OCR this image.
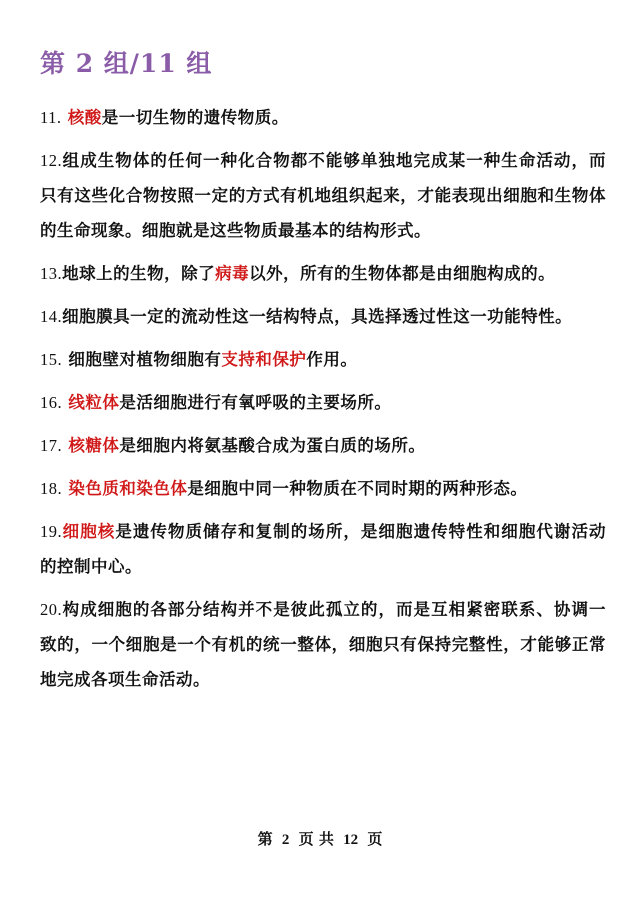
第 2 组/11 组

11. 核酸是一切生物的遗传物质。

12.组成生物体的任何一种化合物都不能够单独地完成某一种生命活动，而只有这些化合物按照一定的方式有机地组织起来，才能表现出细胞和生物体的生命现象。细胞就是这些物质最基本的结构形式。

13.地球上的生物，除了病毒以外，所有的生物体都是由细胞构成的。

14.细胞膜具一定的流动性这一结构特点，具选择透过性这一功能特性。

15. 细胞壁对植物细胞有支持和保护作用。

16. 线粒体是活细胞进行有氧呼吸的主要场所。

17. 核糖体是细胞内将氨基酸合成为蛋白质的场所。

18. 染色质和染色体是细胞中同一种物质在不同时期的两种形态。

19.细胞核是遗传物质储存和复制的场所，是细胞遗传特性和细胞代谢活动的控制中心。

20.构成细胞的各部分结构并不是彼此孤立的，而是互相紧密联系、协调一致的，一个细胞是一个有机的统一整体，细胞只有保持完整性，才能够正常地完成各项生命活动。

第 2 页 共 12 页
